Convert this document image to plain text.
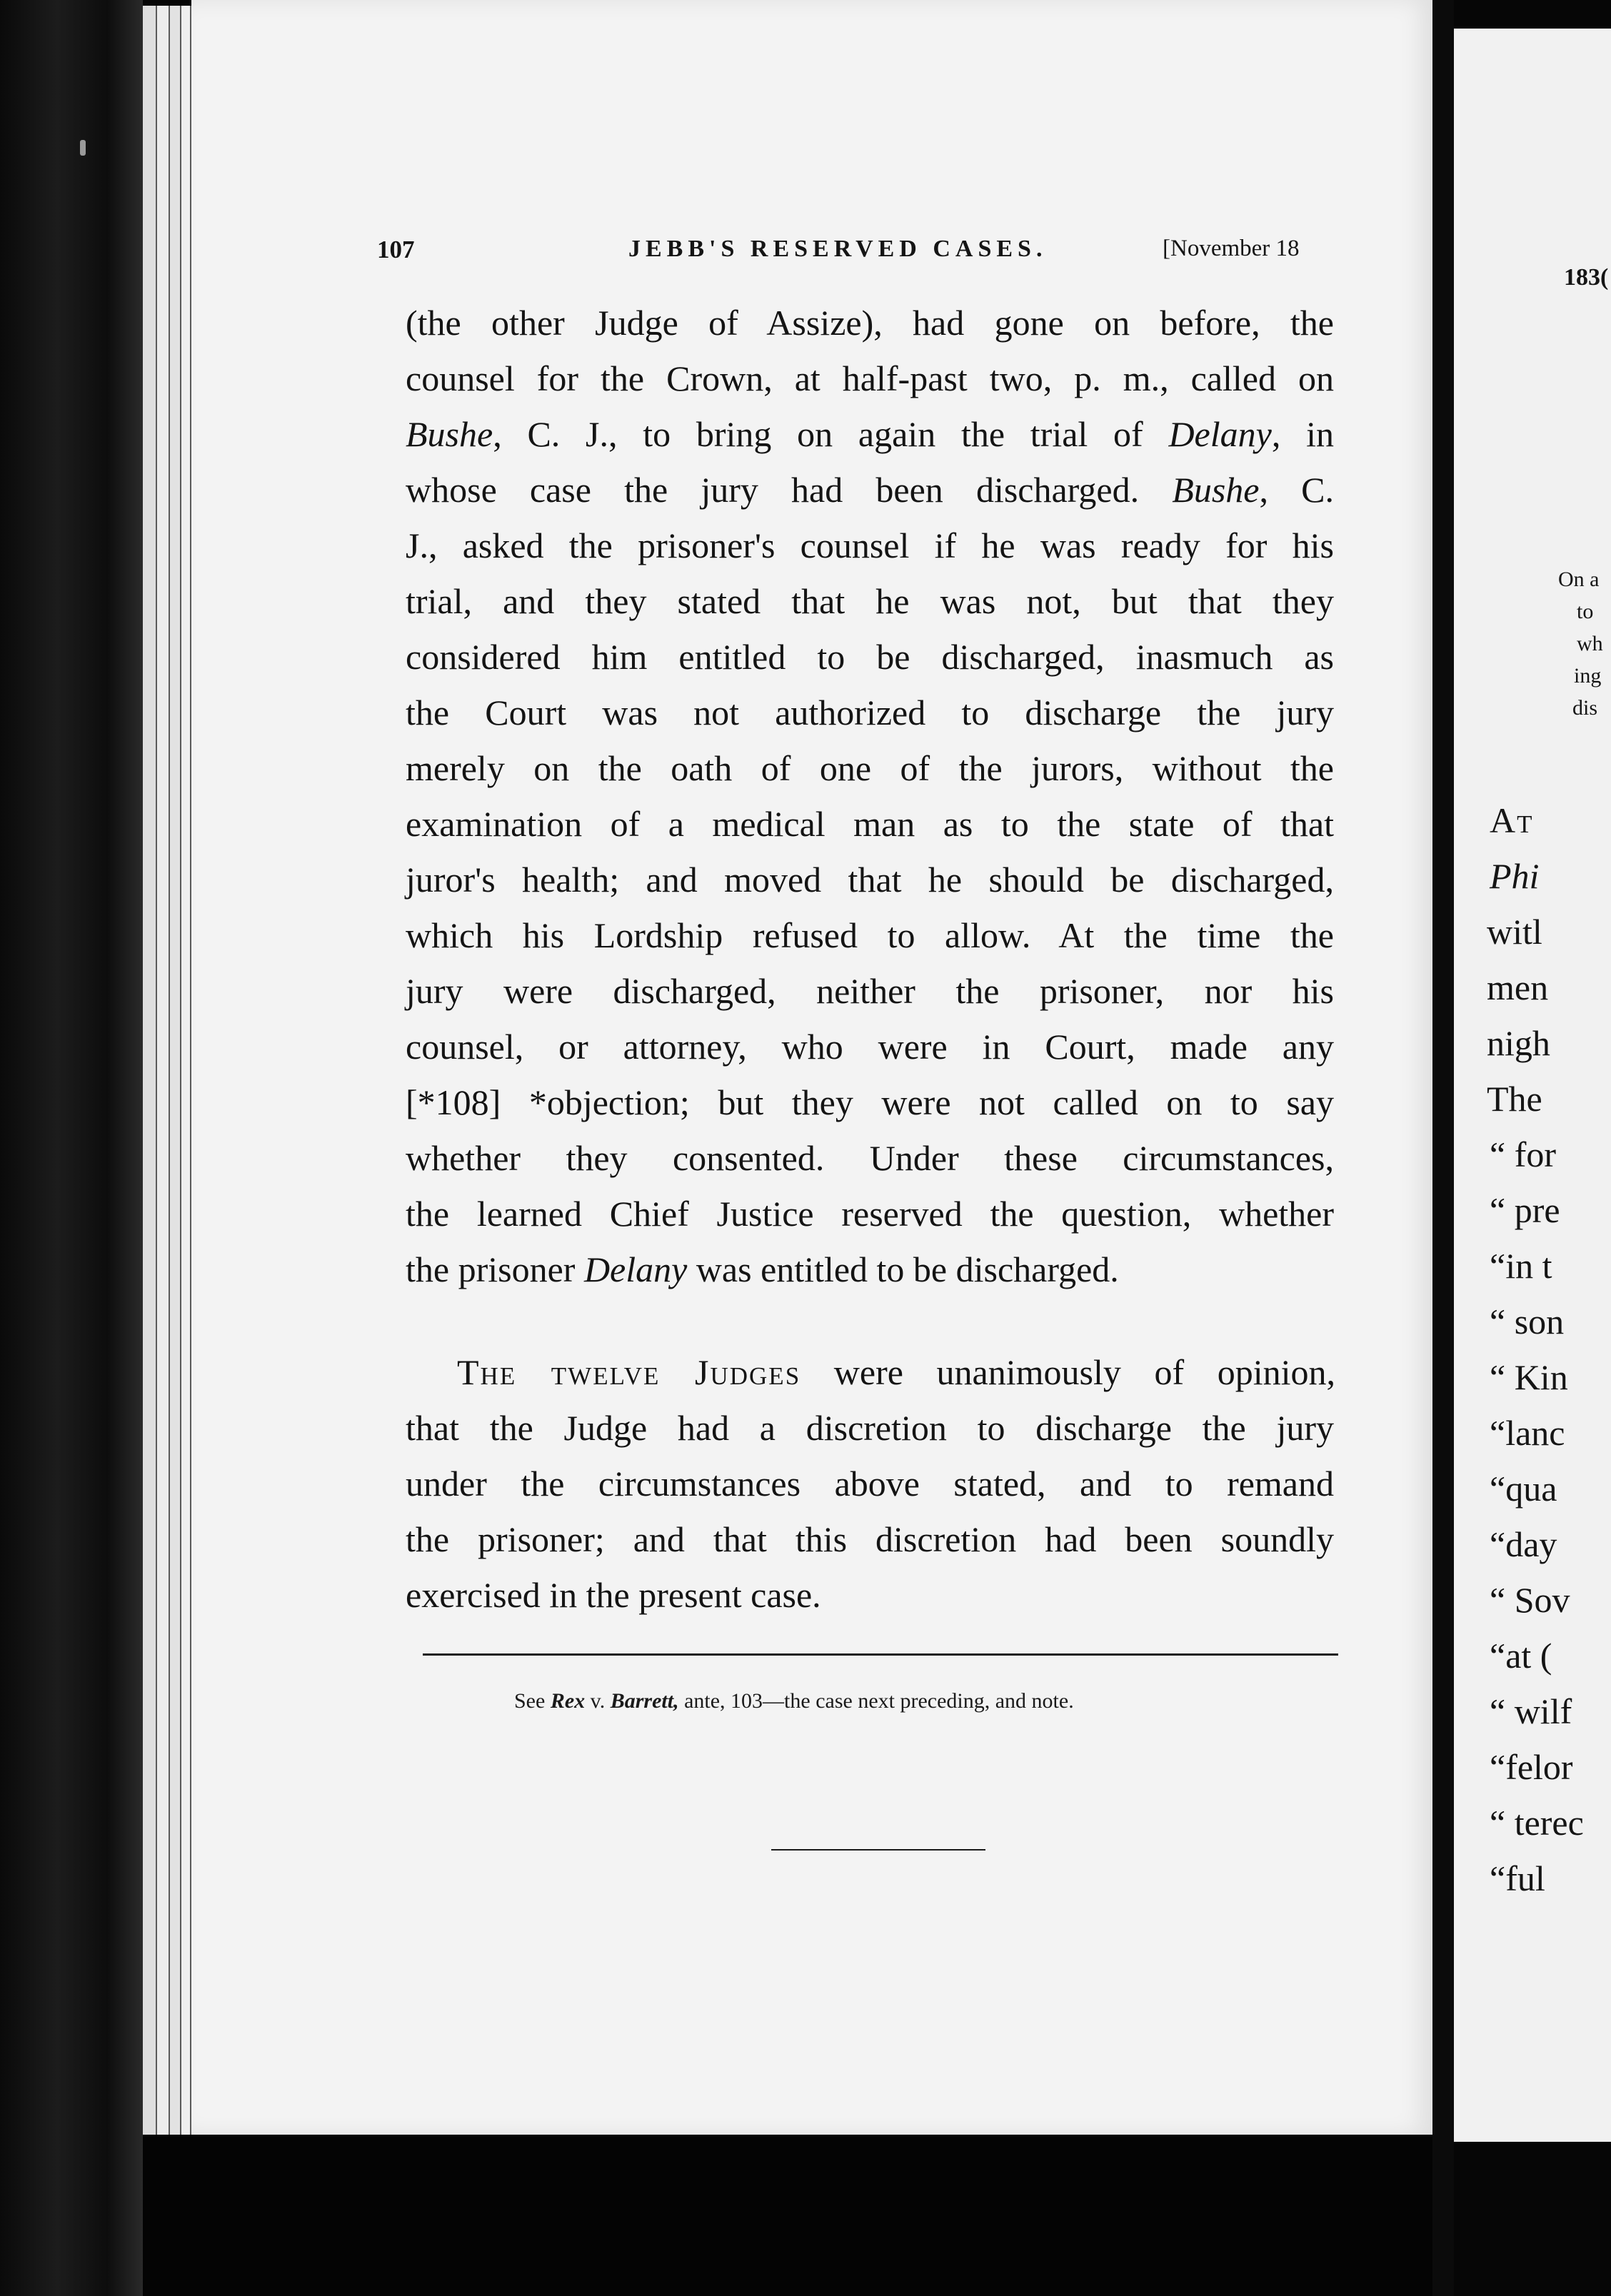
107	JEBB'S RESERVED CASES.	[November 18
(the other Judge of Assize), had gone on before, the
counsel for the Crown, at half-past two, p. m., called on
Bushe, C. J., to bring on again the trial of Delany, in
whose case the jury had been discharged. Bushe, C.
J., asked the prisoner's counsel if he was ready for his
trial, and they stated that he was not, but that they
considered him entitled to be discharged, inasmuch as
the Court was not authorized to discharge the jury
merely on the oath of one of the jurors, without the
examination of a medical man as to the state of that
juror's health; and moved that he should be discharged,
which his Lordship refused to allow. At the time the
jury were discharged, neither the prisoner, nor his
counsel, or attorney, who were in Court, made any
[*108] *objection; but they were not called on to say
whether they consented. Under these circumstances,
the learned Chief Justice reserved the question, whether
the prisoner Delany was entitled to be discharged.
The twelve Judges were unanimously of opinion,
that the Judge had a discretion to discharge the jury
under the circumstances above stated, and to remand
the prisoner; and that this discretion had been soundly
exercised in the present case.
See Rex v. Barrett, ante, 103—the case next preceding, and note.
183(
On a
to
wh
ing
dis
At
Phi
witl
men
nigh
The
“ for
“ pre
“in t
“ son
“ Kin
“lanc
“qua
“day
“ Sov
“at (
“ wilf
“felor
“ terec
“ful
